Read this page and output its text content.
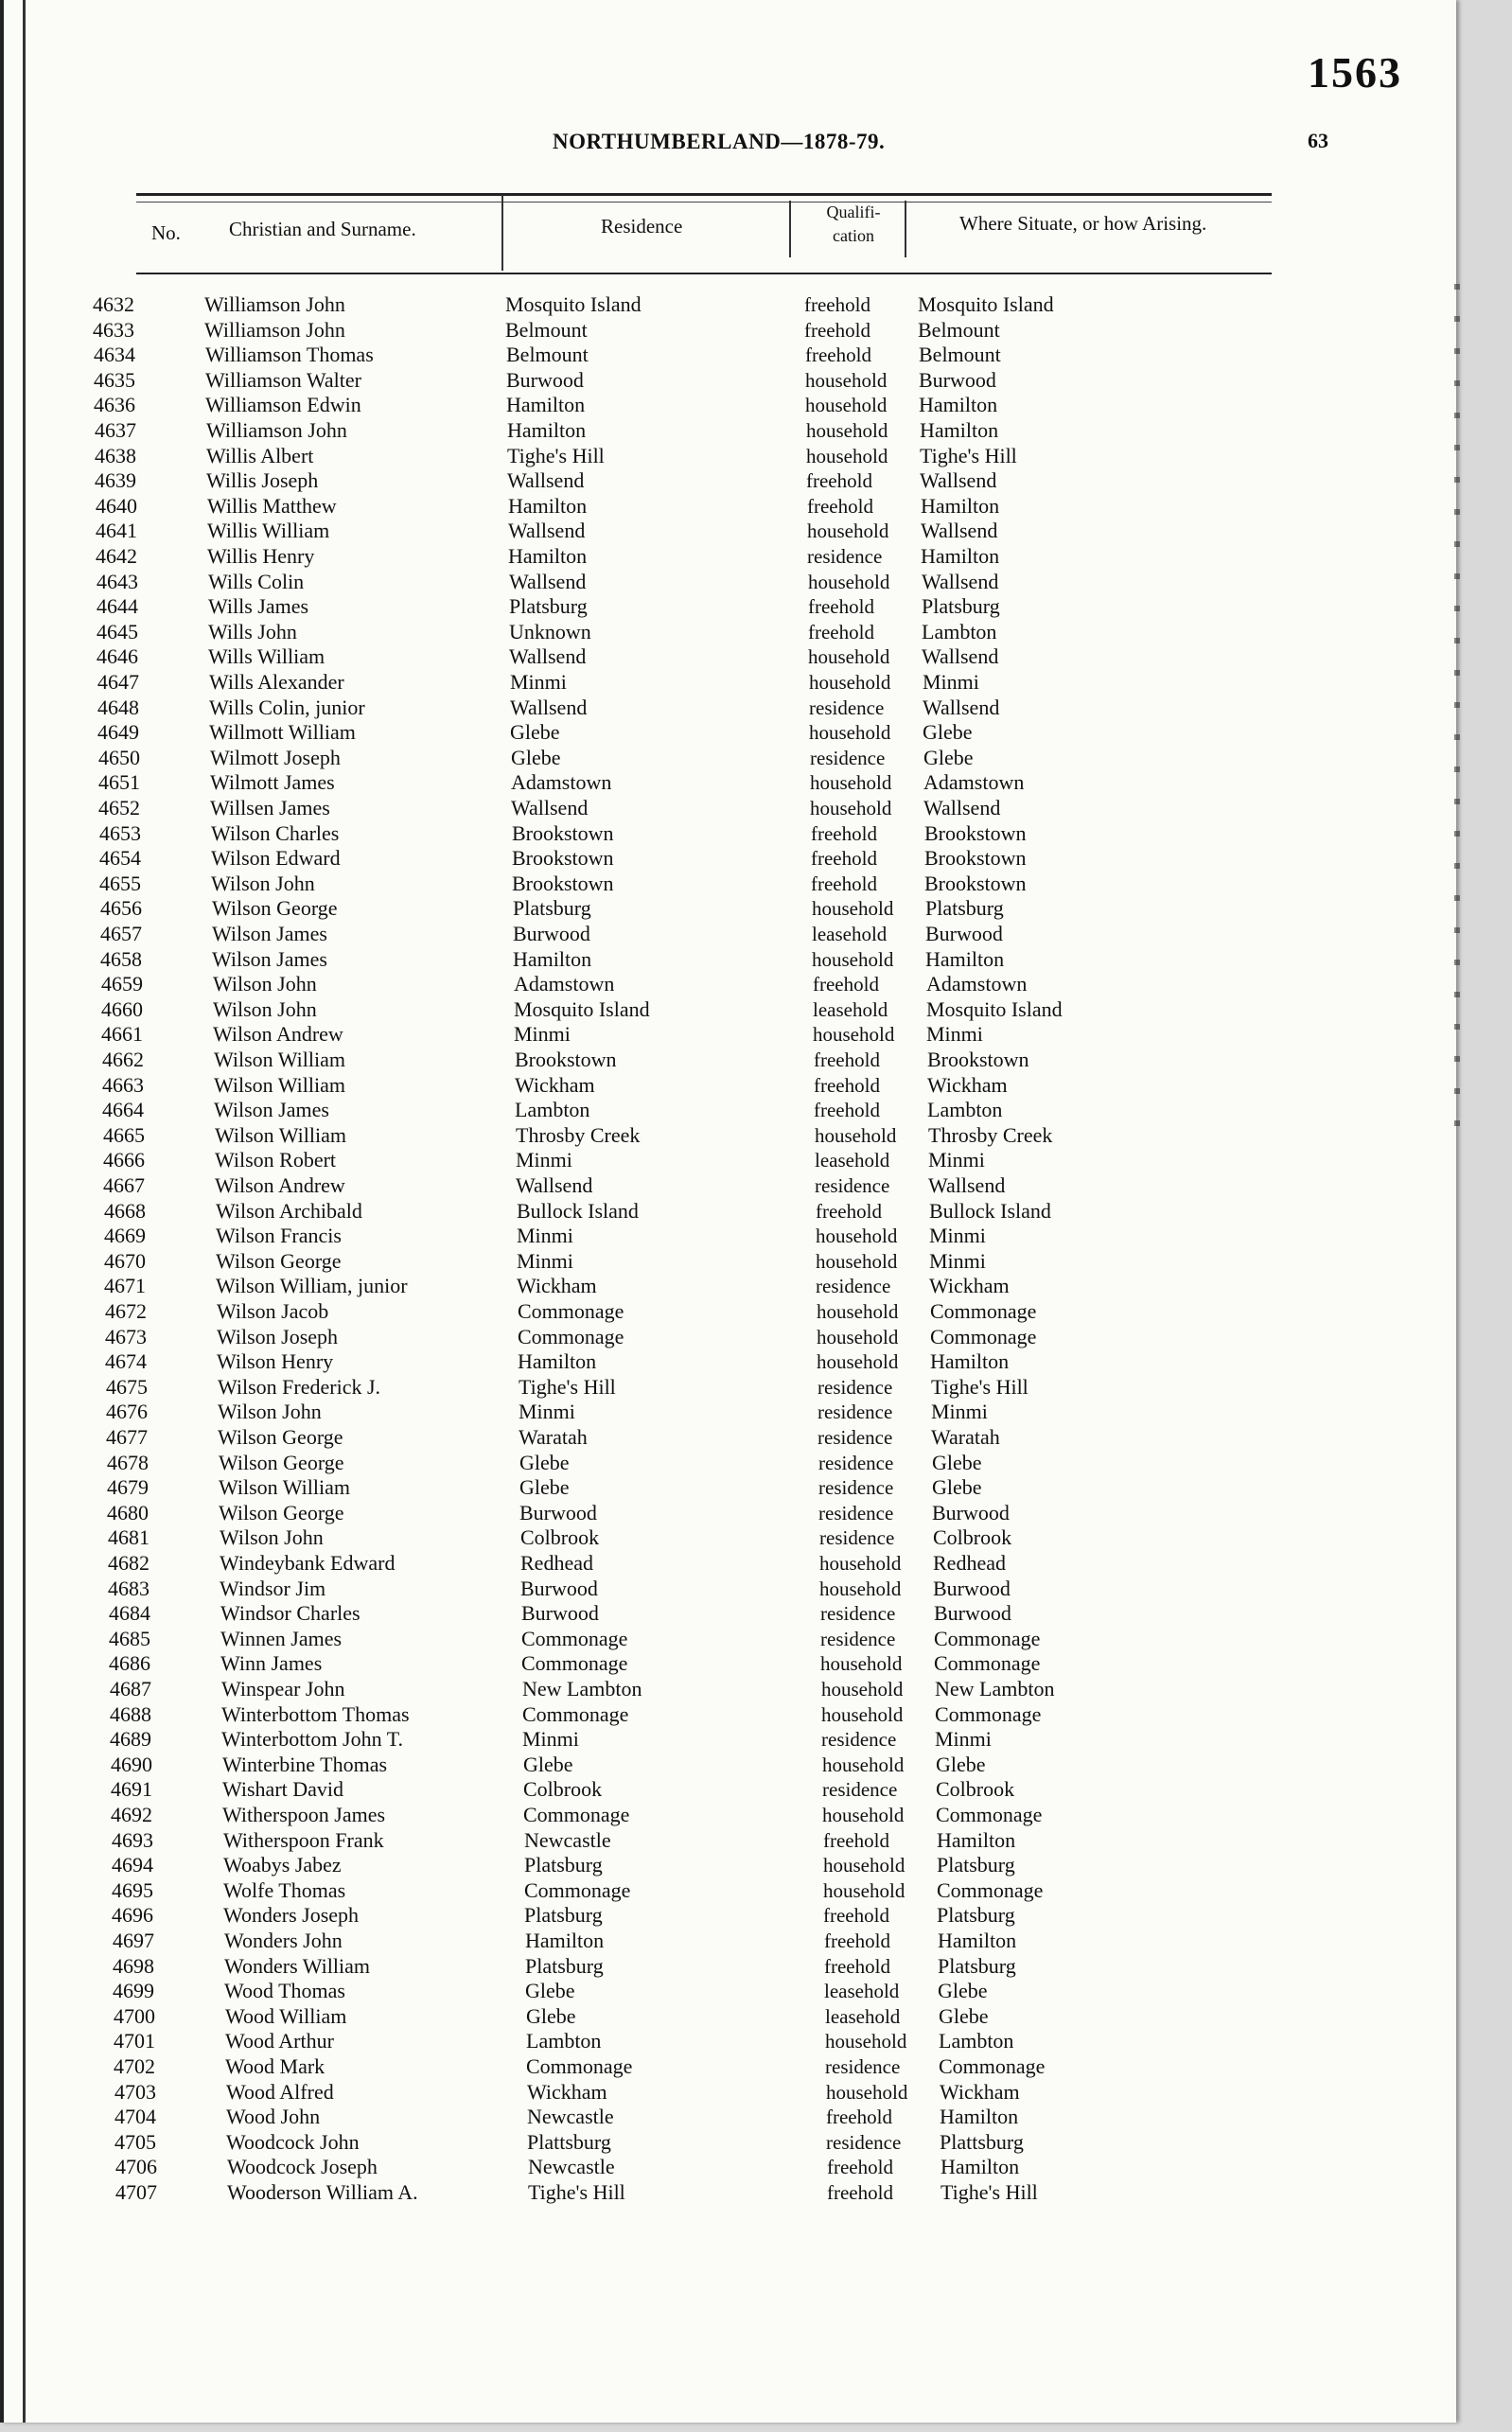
1563
NORTHUMBERLAND—1878-79.	63
No. Christian and Surname.	Residence
Qualifi-cation
Where Situate, or how Arising.
4632	Williamson John	Mosquito Island	freehold Mosquito Island
4633	Williamson John	Belmount	freehold Belmount
4634	Williamson Thomas	Belmount	freehold Belmount
4635	Williamson Walter	Burwood	household Burwood
4636	Williamson Edwin	Hamilton	household Hamilton
4637	Williamson John	Hamilton	household Hamilton
4638	Willis Albert	Tighe's Hill	household Tighe's Hill
4639	Willis Joseph	Wallsend	freehold Wallsend
4640	Willis Matthew	Hamilton	freehold Hamilton
4641	Willis William	Wallsend	household Wallsend
4642	Willis Henry	Hamilton	residence Hamilton
4643	Wills Colin	Wallsend	household Wallsend
4644	Wills James	Platsburg	freehold Platsburg
4645	Wills John	Unknown	freehold Lambton
4646	Wills William	Wallsend	household Wallsend
4647	Wills Alexander	Minmi	household Minmi
4648	Wills Colin, junior	Wallsend	residence Wallsend
4649	Willmott William	Glebe	household Glebe
4650	Wilmott Joseph	Glebe	residence Glebe
4651	Wilmott James	Adamstown	household Adamstown
4652	Willsen James	Wallsend	household Wallsend
4653	Wilson Charles	Brookstown	freehold Brookstown
4654	Wilson Edward	Brookstown	freehold Brookstown
4655	Wilson John	Brookstown	freehold Brookstown
4656	Wilson George	Platsburg	household Platsburg
4657	Wilson James	Burwood	leasehold Burwood
4658	Wilson James	Hamilton	household Hamilton
4659	Wilson John	Adamstown	freehold Adamstown
4660	Wilson John	Mosquito Island	leasehold Mosquito Island
4661	Wilson Andrew	Minmi	household Minmi
4662	Wilson William	Brookstown	freehold Brookstown
4663	Wilson William	Wickham	freehold Wickham
4664	Wilson James	Lambton	freehold Lambton
4665	Wilson William	Throsby Creek	household Throsby Creek
4666	Wilson Robert	Minmi	leasehold Minmi
4667	Wilson Andrew	Wallsend	residence Wallsend
4668	Wilson Archibald	Bullock Island	freehold Bullock Island
4669	Wilson Francis	Minmi	household Minmi
4670	Wilson George	Minmi	household Minmi
4671	Wilson William, junior	Wickham	residence Wickham
4672	Wilson Jacob	Commonage	household Commonage
4673	Wilson Joseph	Commonage	household Commonage
4674	Wilson Henry	Hamilton	household Hamilton
4675	Wilson Frederick J.	Tighe's Hill	residence Tighe's Hill
4676	Wilson John	Minmi	residence Minmi
4677	Wilson George	Waratah	residence Waratah
4678	Wilson George	Glebe	residence Glebe
4679	Wilson William	Glebe	residence Glebe
4680	Wilson George	Burwood	residence Burwood
4681	Wilson John	Colbrook	residence Colbrook
4682	Windeybank Edward	Redhead	household Redhead
4683	Windsor Jim	Burwood	household Burwood
4684	Windsor Charles	Burwood	residence Burwood
4685	Winnen James	Commonage	residence Commonage
4686	Winn James	Commonage	household Commonage
4687	Winspear John	New Lambton	household New Lambton
4688	Winterbottom Thomas	Commonage	household Commonage
4689	Winterbottom John T.	Minmi	residence Minmi
4690	Winterbine Thomas	Glebe	household Glebe
4691	Wishart David	Colbrook	residence Colbrook
4692	Witherspoon James	Commonage	household Commonage
4693	Witherspoon Frank	Newcastle	freehold Hamilton
4694	Woabys Jabez	Platsburg	household Platsburg
4695	Wolfe Thomas	Commonage	household Commonage
4696	Wonders Joseph	Platsburg	freehold Platsburg
4697	Wonders John	Hamilton	freehold Hamilton
4698	Wonders William	Platsburg	freehold Platsburg
4699	Wood Thomas	Glebe	leasehold Glebe
4700	Wood William	Glebe	leasehold Glebe
4701	Wood Arthur	Lambton	household Lambton
4702	Wood Mark	Commonage	residence Commonage
4703	Wood Alfred	Wickham	household Wickham
4704	Wood John	Newcastle	freehold Hamilton
4705	Woodcock John	Plattsburg	residence Plattsburg
4706	Woodcock Joseph	Newcastle	freehold Hamilton
4707	Wooderson William A.	Tighe's Hill	freehold Tighe's Hill
